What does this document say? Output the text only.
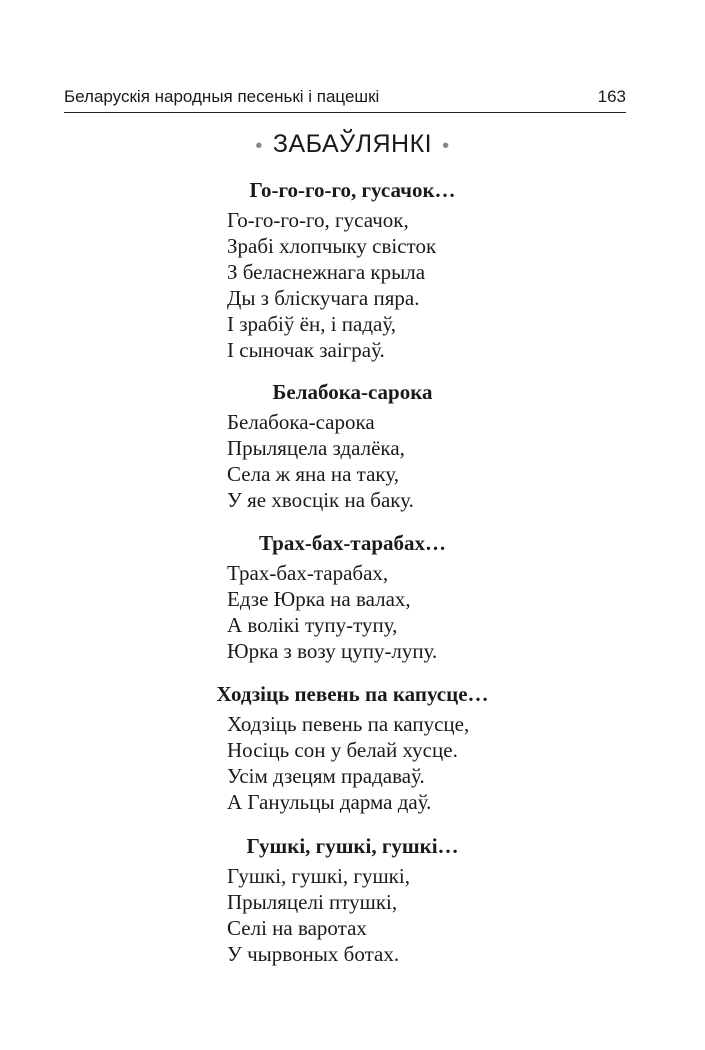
Беларускія народныя песенькі і пацешкі	163
• ЗАБАЎЛЯНКІ •
Го-го-го-го, гусачок…
Го-го-го-го, гусачок,
Зрабі хлопчыку свісток
З беласнежнага крыла
Ды з бліскучага пяра.
І зрабіў ён, і падаў,
І сыночак заіграў.
Белабока-сарока
Белабока-сарока
Прыляцела здалёка,
Села ж яна на таку,
У яе хвосцік на баку.
Трах-бах-тарабах…
Трах-бах-тарабах,
Едзе Юрка на валах,
А волікі тупу-тупу,
Юрка з возу цупу-лупу.
Ходзіць певень па капусце…
Ходзіць певень па капусце,
Носіць сон у белай хусце.
Усім дзецям прадаваў.
А Ганульцы дарма даў.
Гушкі, гушкі, гушкі…
Гушкі, гушкі, гушкі,
Прыляцелі птушкі,
Селі на варотах
У чырвоных ботах.
